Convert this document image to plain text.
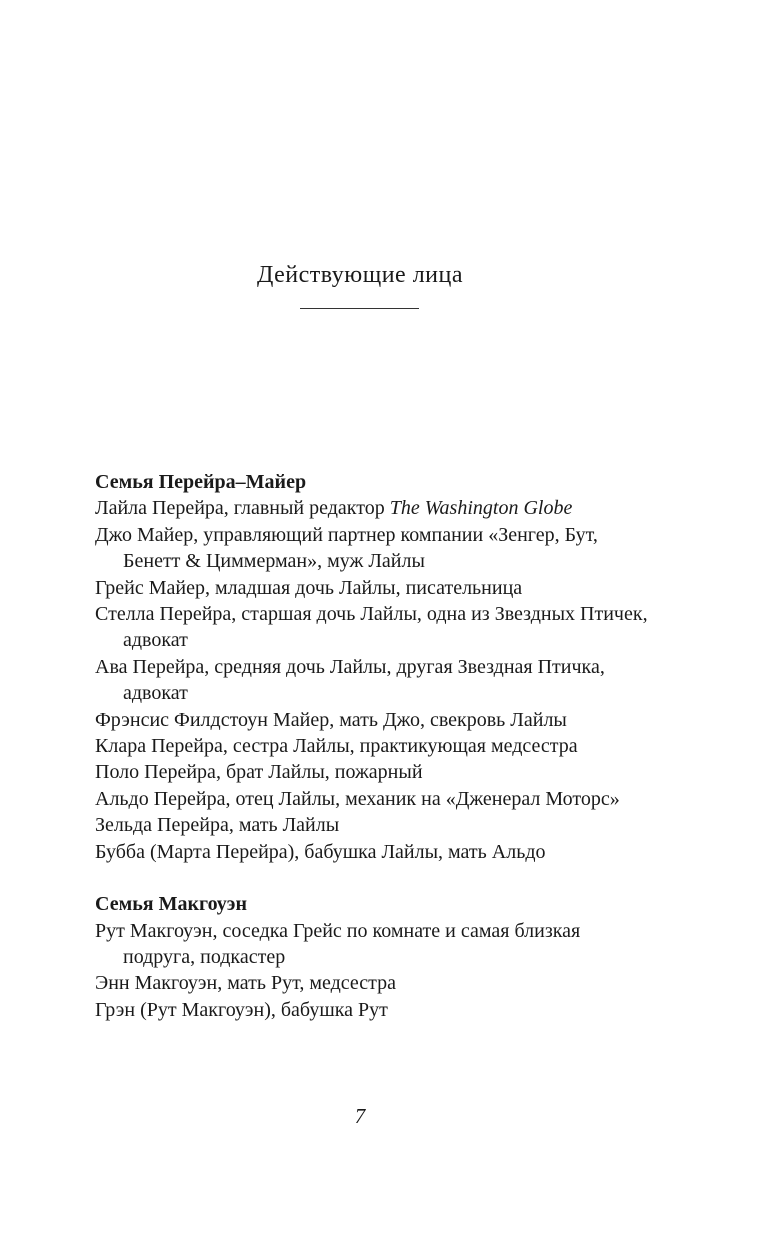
Действующие лица

Семья Перейра–Майер

Лайла Перейра, главный редактор The Washington Globe

Джо Майер, управляющий партнер компании «Зенгер, Бут, Бенетт & Циммерман», муж Лайлы

Грейс Майер, младшая дочь Лайлы, писательница

Стелла Перейра, старшая дочь Лайлы, одна из Звездных Птичек, адвокат

Ава Перейра, средняя дочь Лайлы, другая Звездная Птичка, адвокат

Фрэнсис Филдстоун Майер, мать Джо, свекровь Лайлы

Клара Перейра, сестра Лайлы, практикующая медсестра

Поло Перейра, брат Лайлы, пожарный

Альдо Перейра, отец Лайлы, механик на «Дженерал Моторс»

Зельда Перейра, мать Лайлы

Бубба (Марта Перейра), бабушка Лайлы, мать Альдо

Семья Макгоуэн

Рут Макгоуэн, соседка Грейс по комнате и самая близкая подруга, подкастер

Энн Макгоуэн, мать Рут, медсестра

Грэн (Рут Макгоуэн), бабушка Рут

7
